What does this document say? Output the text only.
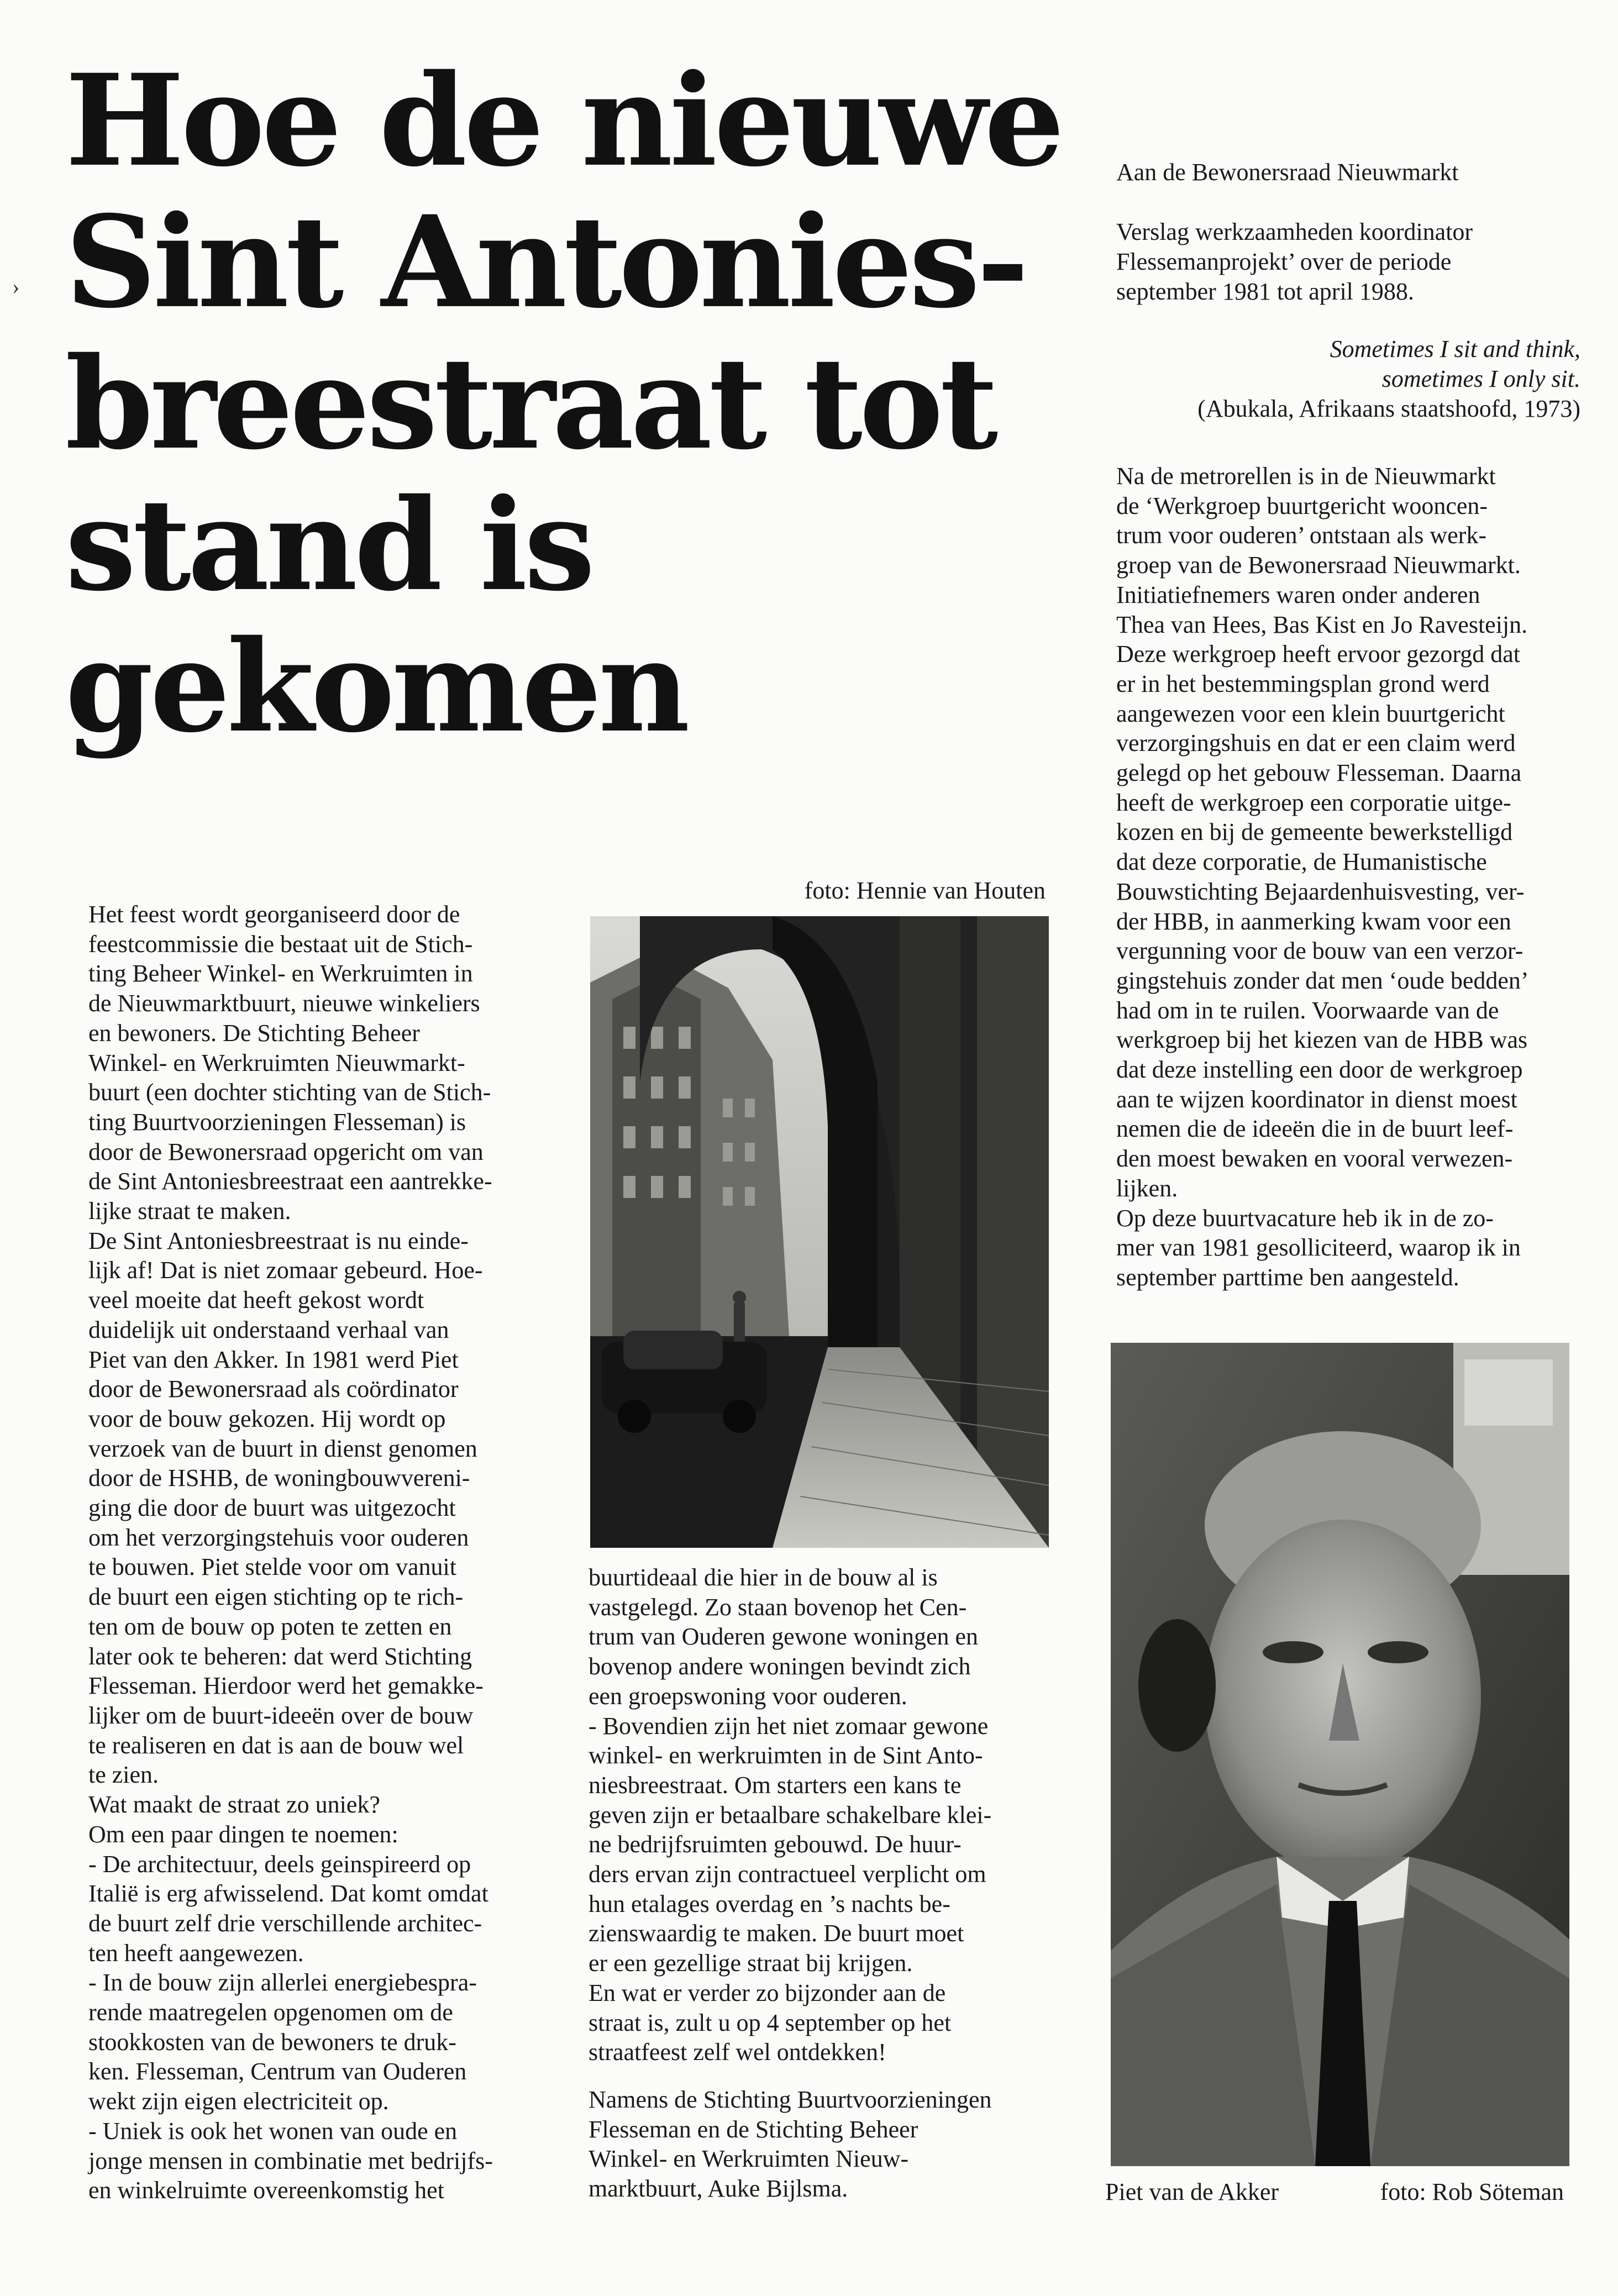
›
Hoe de nieuwe
Sint Antonies-
breestraat tot
stand is
gekomen
Aan de Bewonersraad Nieuwmarkt
Verslag werkzaamheden koordinator
Flessemanprojekt’ over de periode
september 1981 tot april 1988.
Sometimes I sit and think,
sometimes I only sit.
(Abukala, Afrikaans staatshoofd, 1973)

Het feest wordt georganiseerd door de

feestcommissie die bestaat uit de Stich-

ting Beheer Winkel- en Werkruimten in

de Nieuwmarktbuurt, nieuwe winkeliers

en bewoners. De Stichting Beheer

Winkel- en Werkruimten Nieuwmarkt-

buurt (een dochter stichting van de Stich-

ting Buurtvoorzieningen Flesseman) is

door de Bewonersraad opgericht om van

de Sint Antoniesbreestraat een aantrekke-

lijke straat te maken.

De Sint Antoniesbreestraat is nu einde-

lijk af! Dat is niet zomaar gebeurd. Hoe-

veel moeite dat heeft gekost wordt

duidelijk uit onderstaand verhaal van

Piet van den Akker. In 1981 werd Piet

door de Bewonersraad als coördinator

voor de bouw gekozen. Hij wordt op

verzoek van de buurt in dienst genomen

door de HSHB, de woningbouwvereni-

ging die door de buurt was uitgezocht

om het verzorgingstehuis voor ouderen

te bouwen. Piet stelde voor om vanuit

de buurt een eigen stichting op te rich-

ten om de bouw op poten te zetten en

later ook te beheren: dat werd Stichting

Flesseman. Hierdoor werd het gemakke-

lijker om de buurt-ideeën over de bouw

te realiseren en dat is aan de bouw wel

te zien.

Wat maakt de straat zo uniek?

Om een paar dingen te noemen:

- De architectuur, deels geinspireerd op

Italië is erg afwisselend. Dat komt omdat

de buurt zelf drie verschillende architec-

ten heeft aangewezen.

- In de bouw zijn allerlei energiebespra-

rende maatregelen opgenomen om de

stookkosten van de bewoners te druk-

ken. Flesseman, Centrum van Ouderen

wekt zijn eigen electriciteit op.

- Uniek is ook het wonen van oude en

jonge mensen in combinatie met bedrijfs-

en winkelruimte overeenkomstig het

foto: Hennie van Houten

buurtideaal die hier in de bouw al is

vastgelegd. Zo staan bovenop het Cen-

trum van Ouderen gewone woningen en

bovenop andere woningen bevindt zich

een groepswoning voor ouderen.

- Bovendien zijn het niet zomaar gewone

winkel- en werkruimten in de Sint Anto-

niesbreestraat. Om starters een kans te

geven zijn er betaalbare schakelbare klei-

ne bedrijfsruimten gebouwd. De huur-

ders ervan zijn contractueel verplicht om

hun etalages overdag en ’s nachts be-

zienswaardig te maken. De buurt moet

er een gezellige straat bij krijgen.

En wat er verder zo bijzonder aan de

straat is, zult u op 4 september op het

straatfeest zelf wel ontdekken!

Namens de Stichting Buurtvoorzieningen

Flesseman en de Stichting Beheer

Winkel- en Werkruimten Nieuw-

marktbuurt, Auke Bijlsma.

Na de metrorellen is in de Nieuwmarkt

de ‘Werkgroep buurtgericht wooncen-

trum voor ouderen’ ontstaan als werk-

groep van de Bewonersraad Nieuwmarkt.

Initiatiefnemers waren onder anderen

Thea van Hees, Bas Kist en Jo Ravesteijn.

Deze werkgroep heeft ervoor gezorgd dat

er in het bestemmingsplan grond werd

aangewezen voor een klein buurtgericht

verzorgingshuis en dat er een claim werd

gelegd op het gebouw Flesseman. Daarna

heeft de werkgroep een corporatie uitge-

kozen en bij de gemeente bewerkstelligd

dat deze corporatie, de Humanistische

Bouwstichting Bejaardenhuisvesting, ver-

der HBB, in aanmerking kwam voor een

vergunning voor de bouw van een verzor-

gingstehuis zonder dat men ‘oude bedden’

had om in te ruilen. Voorwaarde van de

werkgroep bij het kiezen van de HBB was

dat deze instelling een door de werkgroep

aan te wijzen koordinator in dienst moest

nemen die de ideeën die in de buurt leef-

den moest bewaken en vooral verwezen-

lijken.

Op deze buurtvacature heb ik in de zo-

mer van 1981 gesolliciteerd, waarop ik in

september parttime ben aangesteld.

Piet van de Akker	foto: Rob Söteman
